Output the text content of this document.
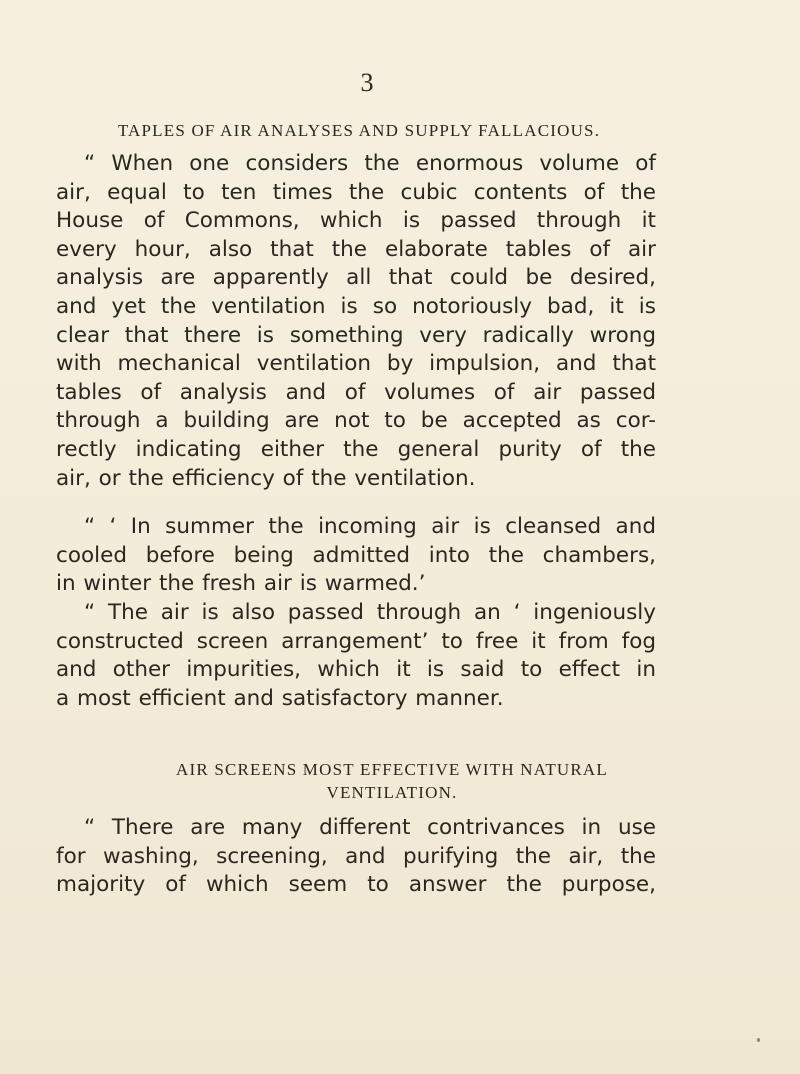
3
TAPLES OF AIR ANALYSES AND SUPPLY FALLACIOUS.
“ When one considers the enormous volume of
air, equal to ten times the cubic contents of the
House of Commons, which is passed through it
every hour, also that the elaborate tables of air
analysis are apparently all that could be desired,
and yet the ventilation is so notoriously bad, it is
clear that there is something very radically wrong
with mechanical ventilation by impulsion, and that
tables of analysis and of volumes of air passed
through a building are not to be accepted as cor-
rectly indicating either the general purity of the
air, or the efficiency of the ventilation.
“ ‘ In summer the incoming air is cleansed and
cooled before being admitted into the chambers,
in winter the fresh air is warmed.’
“ The air is also passed through an ‘ ingeniously
constructed screen arrangement’ to free it from fog
and other impurities, which it is said to effect in
a most efficient and satisfactory manner.
AIR SCREENS MOST EFFECTIVE WITH NATURAL
VENTILATION.
“ There are many different contrivances in use
for washing, screening, and purifying the air, the
majority of which seem to answer the purpose,
